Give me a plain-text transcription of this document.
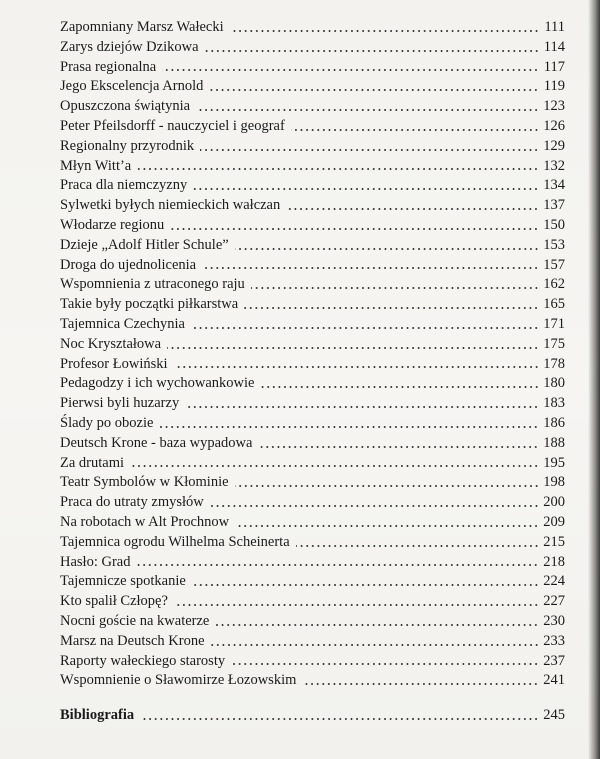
Zapomniany Marsz Wałecki	111
Zarys dziejów Dzikowa	114
Prasa regionalna	117
Jego Ekscelencja Arnold	119
Opuszczona świątynia	123
Peter Pfeilsdorff - nauczyciel i geograf	126
Regionalny przyrodnik	129
Młyn Witt’a	132
Praca dla niemczyzny	134
Sylwetki byłych niemieckich wałczan	137
Włodarze regionu	150
Dzieje „Adolf Hitler Schule”	153
Droga do ujednolicenia	157
Wspomnienia z utraconego raju	162
Takie były początki piłkarstwa	165
Tajemnica Czechynia	171
Noc Kryształowa	175
Profesor Łowiński	178
Pedagodzy i ich wychowankowie	180
Pierwsi byli huzarzy	183
Ślady po obozie	186
Deutsch Krone - baza wypadowa	188
Za drutami	195
Teatr Symbolów w Kłominie	198
Praca do utraty zmysłów	200
Na robotach w Alt Prochnow	209
Tajemnica ogrodu Wilhelma Scheinerta	215
Hasło: Grad	218
Tajemnicze spotkanie	224
Kto spalił Człopę?	227
Nocni goście na kwaterze	230
Marsz na Deutsch Krone	233
Raporty wałeckiego starosty	237
Wspomnienie o Sławomirze Łozowskim	241
Bibliografia	245
